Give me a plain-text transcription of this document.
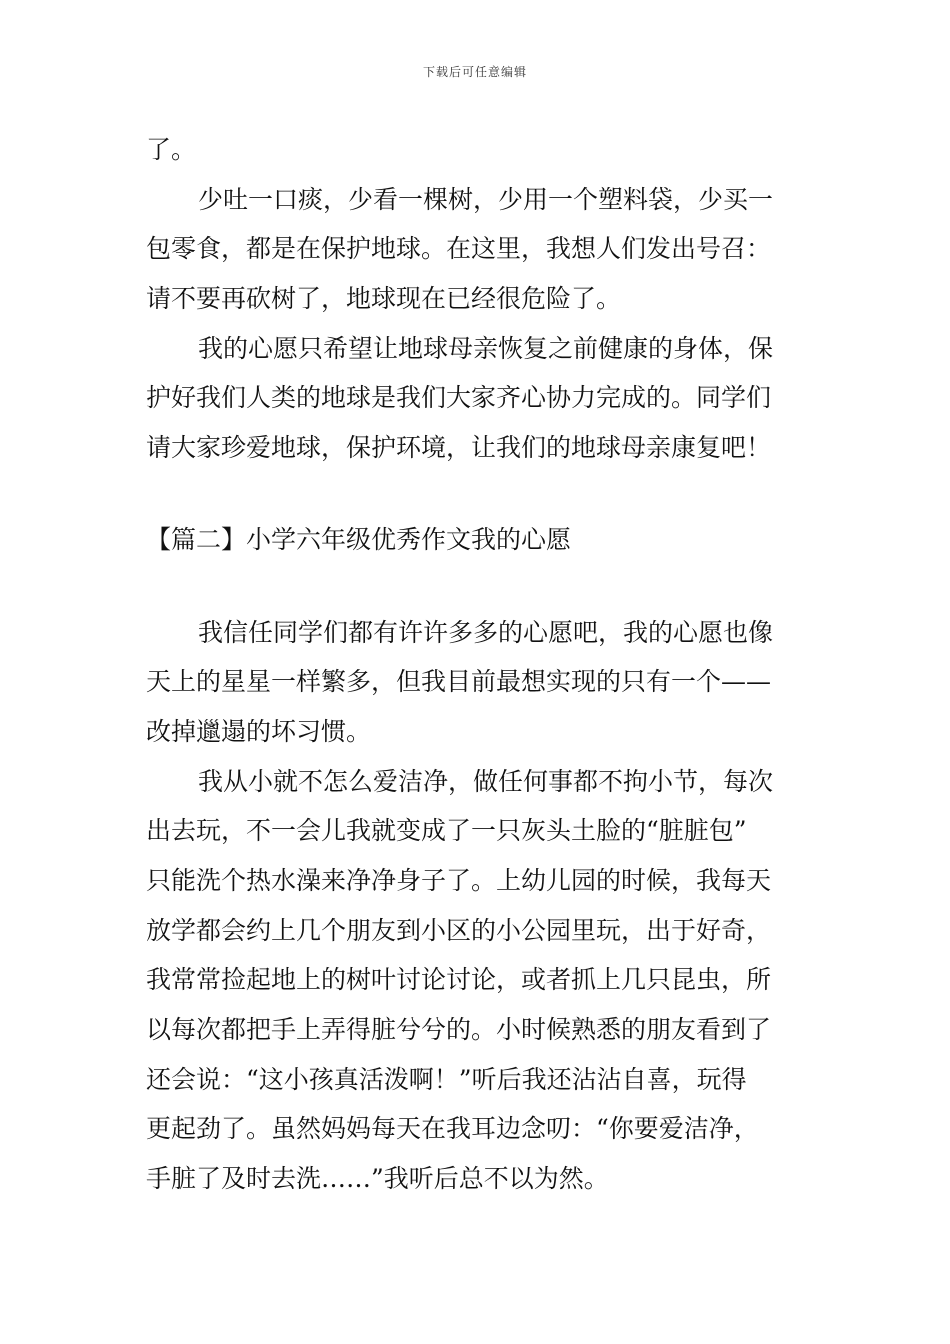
下载后可任意编辑
了。
少吐一口痰，少看一棵树，少用一个塑料袋，少买一
包零食，都是在保护地球。在这里，我想人们发出号召：
请不要再砍树了，地球现在已经很危险了。
我的心愿只希望让地球母亲恢复之前健康的身体，保
护好我们人类的地球是我们大家齐心协力完成的。同学们
请大家珍爱地球，保护环境，让我们的地球母亲康复吧！
【篇二】小学六年级优秀作文我的心愿
我信任同学们都有许许多多的心愿吧，我的心愿也像
天上的星星一样繁多，但我目前最想实现的只有一个——
改掉邋遢的坏习惯。
我从小就不怎么爱洁净，做任何事都不拘小节，每次
出去玩，不一会儿我就变成了一只灰头土脸的“脏脏包”
只能洗个热水澡来净净身子了。上幼儿园的时候，我每天
放学都会约上几个朋友到小区的小公园里玩，出于好奇，
我常常捡起地上的树叶讨论讨论，或者抓上几只昆虫，所
以每次都把手上弄得脏兮兮的。小时候熟悉的朋友看到了
还会说：“这小孩真活泼啊！”听后我还沾沾自喜，玩得
更起劲了。虽然妈妈每天在我耳边念叨：“你要爱洁净，
手脏了及时去洗……”我听后总不以为然。
